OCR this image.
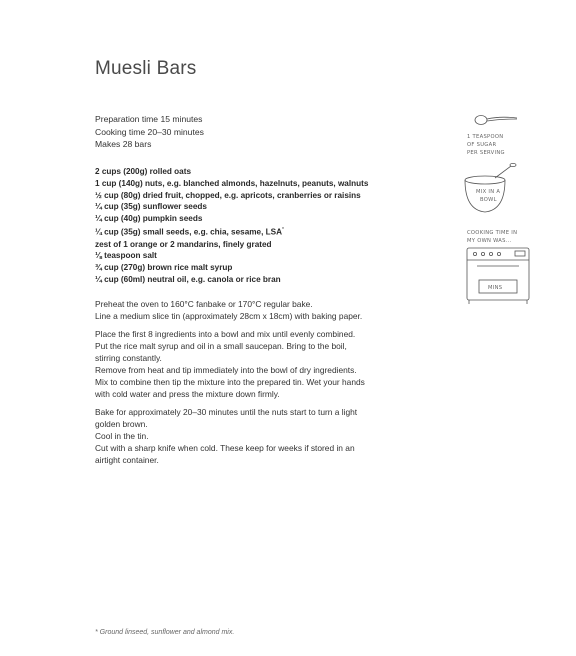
Muesli Bars
Preparation time 15 minutes
Cooking time 20–30 minutes
Makes 28 bars
2 cups (200g) rolled oats
1 cup (140g) nuts, e.g. blanched almonds, hazelnuts, peanuts, walnuts
½ cup (80g) dried fruit, chopped, e.g. apricots, cranberries or raisins
¼ cup (35g) sunflower seeds
¼ cup (40g) pumpkin seeds
¼ cup (35g) small seeds, e.g. chia, sesame, LSA*
zest of 1 orange or 2 mandarins, finely grated
⅛ teaspoon salt
¾ cup (270g) brown rice malt syrup
¼ cup (60ml) neutral oil, e.g. canola or rice bran
Preheat the oven to 160°C fanbake or 170°C regular bake.
Line a medium slice tin (approximately 28cm x 18cm) with baking paper.
Place the first 8 ingredients into a bowl and mix until evenly combined.
Put the rice malt syrup and oil in a small saucepan. Bring to the boil,
stirring constantly.
Remove from heat and tip immediately into the bowl of dry ingredients.
Mix to combine then tip the mixture into the prepared tin. Wet your hands
with cold water and press the mixture down firmly.
Bake for approximately 20–30 minutes until the nuts start to turn a light
golden brown.
Cool in the tin.
Cut with a sharp knife when cold. These keep for weeks if stored in an
airtight container.
1 TEASPOON
OF SUGAR
PER SERVING
MIX IN A
BOWL
COOKING TIME IN
MY OWN WAS...
MINS
* Ground linseed, sunflower and almond mix.
